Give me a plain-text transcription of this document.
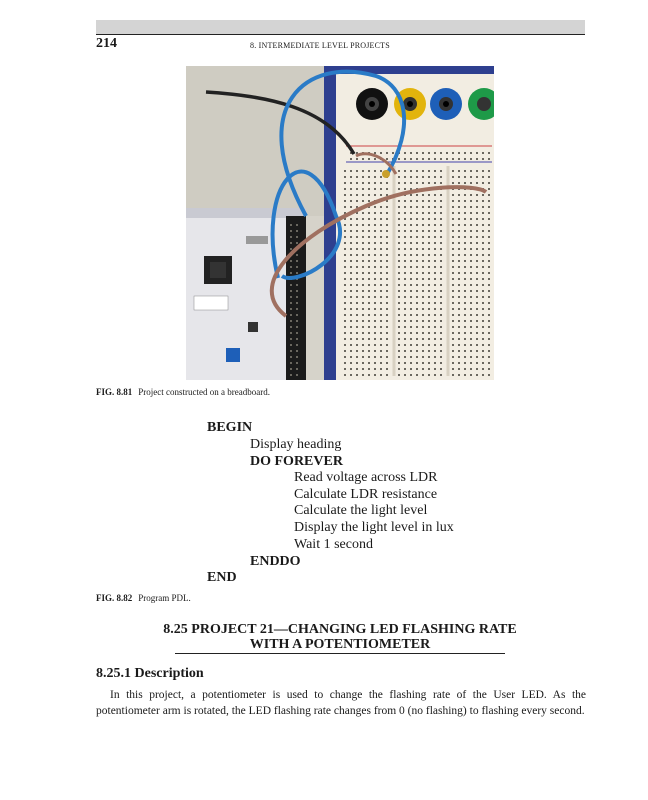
214	8. INTERMEDIATE LEVEL PROJECTS
FIG. 8.81 Project constructed on a breadboard.
BEGIN
Display heading
DO FOREVER
Read voltage across LDR
Calculate LDR resistance
Calculate the light level
Display the light level in lux
Wait 1 second
ENDDO
END
FIG. 8.82 Program PDL.
8.25 PROJECT 21—CHANGING LED FLASHING RATE
WITH A POTENTIOMETER
8.25.1 Description
In this project, a potentiometer is used to change the flashing rate of the User LED. As the potentiometer arm is rotated, the LED flashing rate changes from 0 (no flashing) to flashing every second.
